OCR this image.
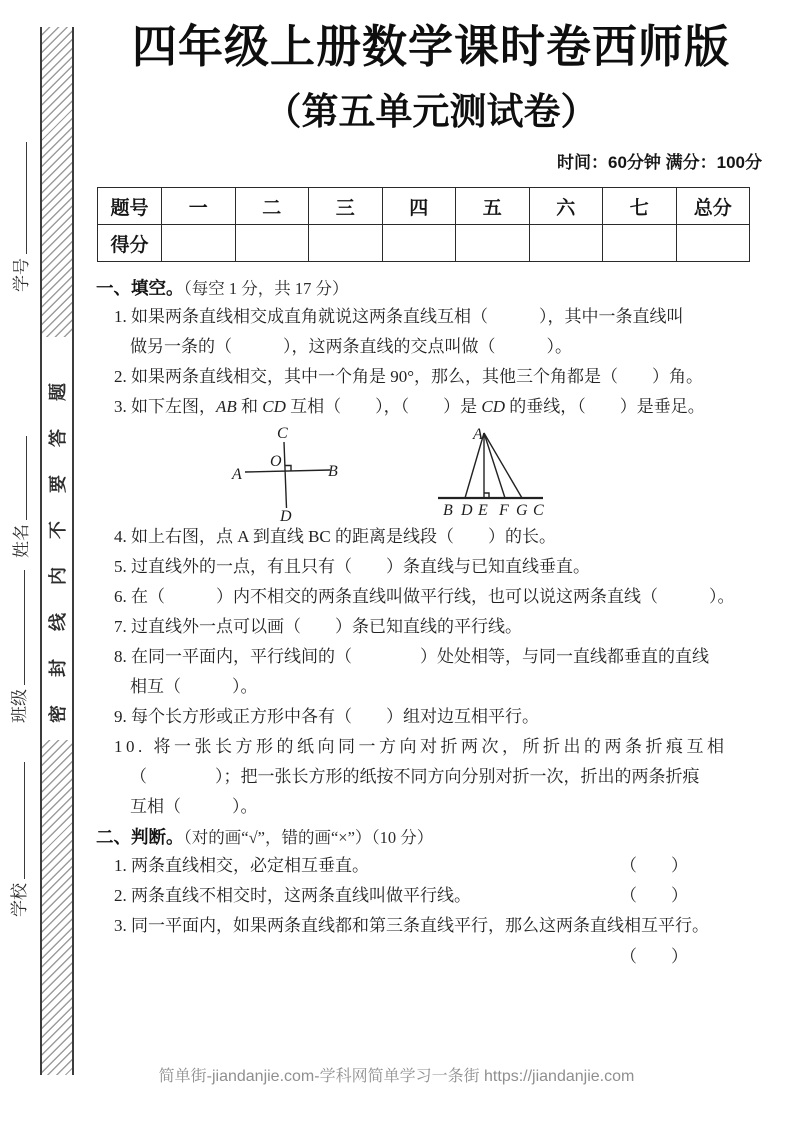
学号
姓名
班级
学校
密封线内不要答题
四年级上册数学课时卷西师版
（第五单元测试卷）
时间：60分钟 满分：100分
题号	一	二	三	四	五	六	七	总分
得分								
一、填空。（每空 1 分，共 17 分）
1. 如果两条直线相交成直角就说这两条直线互相（　　　），其中一条直线叫
做另一条的（　　　），这两条直线的交点叫做（　　　）。
2. 如果两条直线相交，其中一个角是 90°，那么，其他三个角都是（　　）角。
3. 如下左图，AB 和 CD 互相（　　），（　　）是 CD 的垂线，（　　）是垂足。
C
A	B
O
D
A
B D E F G C
4. 如上右图，点 A 到直线 BC 的距离是线段（　　）的长。
5. 过直线外的一点，有且只有（　　）条直线与已知直线垂直。
6. 在（　　　）内不相交的两条直线叫做平行线，也可以说这两条直线（　　　）。
7. 过直线外一点可以画（　　）条已知直线的平行线。
8. 在同一平面内，平行线间的（　　　　）处处相等，与同一直线都垂直的直线
相互（　　　）。
9. 每个长方形或正方形中各有（　　）组对边互相平行。
10. 将一张长方形的纸向同一方向对折两次，所折出的两条折痕互相
（　　　　）；把一张长方形的纸按不同方向分别对折一次，折出的两条折痕
互相（　　　）。
二、判断。（对的画“√”，错的画“×”）（10 分）
1. 两条直线相交，必定相互垂直。	（　　）
2. 两条直线不相交时，这两条直线叫做平行线。	（　　）
3. 同一平面内，如果两条直线都和第三条直线平行，那么这两条直线相互平行。
（　　）
简单街-jiandanjie.com-学科网简单学习一条街 https://jiandanjie.com
